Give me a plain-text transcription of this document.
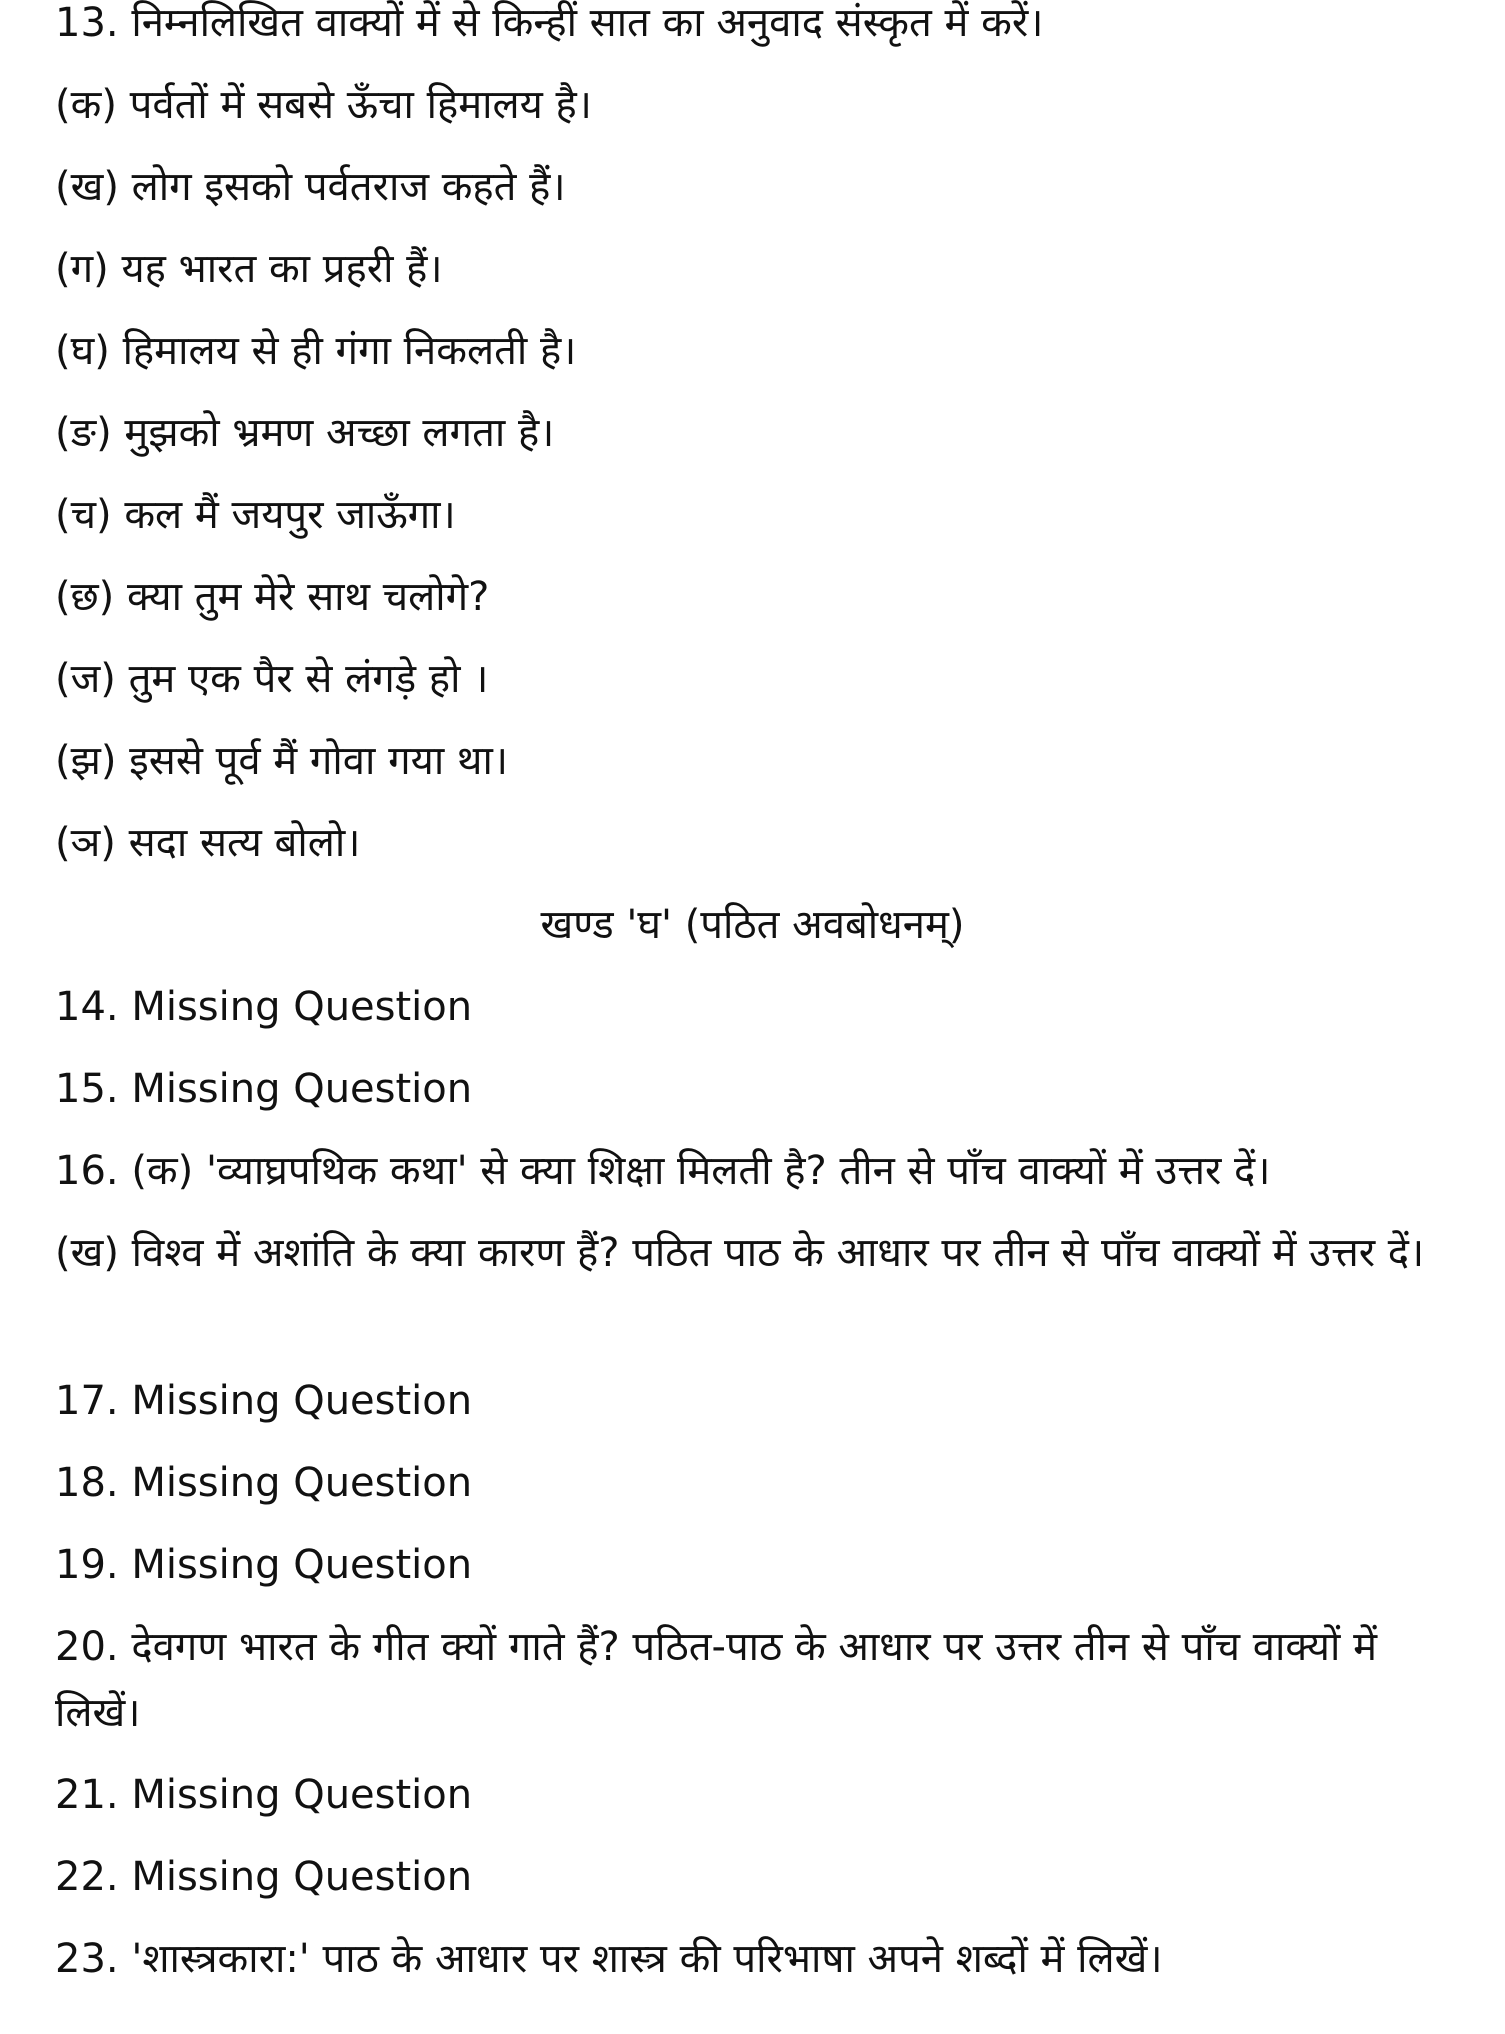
13. निम्नलिखित वाक्यों में से किन्हीं सात का अनुवाद संस्कृत में करें।
(क) पर्वतों में सबसे ऊँचा हिमालय है।
(ख) लोग इसको पर्वतराज कहते हैं।
(ग) यह भारत का प्रहरी हैं।
(घ) हिमालय से ही गंगा निकलती है।
(ङ) मुझको भ्रमण अच्छा लगता है।
(च) कल मैं जयपुर जाऊँगा।
(छ) क्या तुम मेरे साथ चलोगे?
(ज) तुम एक पैर से लंगड़े हो ।
(झ) इससे पूर्व मैं गोवा गया था।
(ञ) सदा सत्य बोलो।
खण्ड 'घ' (पठित अवबोधनम्)
14. Missing Question
15. Missing Question
16. (क) 'व्याघ्रपथिक कथा' से क्या शिक्षा मिलती है? तीन से पाँच वाक्यों में उत्तर दें।
(ख) विश्व में अशांति के क्या कारण हैं? पठित पाठ के आधार पर तीन से पाँच वाक्यों में उत्तर दें।
17. Missing Question
18. Missing Question
19. Missing Question
20. देवगण भारत के गीत क्यों गाते हैं? पठित-पाठ के आधार पर उत्तर तीन से पाँच वाक्यों में लिखें।
21. Missing Question
22. Missing Question
23. 'शास्त्रकारा:' पाठ के आधार पर शास्त्र की परिभाषा अपने शब्दों में लिखें।
